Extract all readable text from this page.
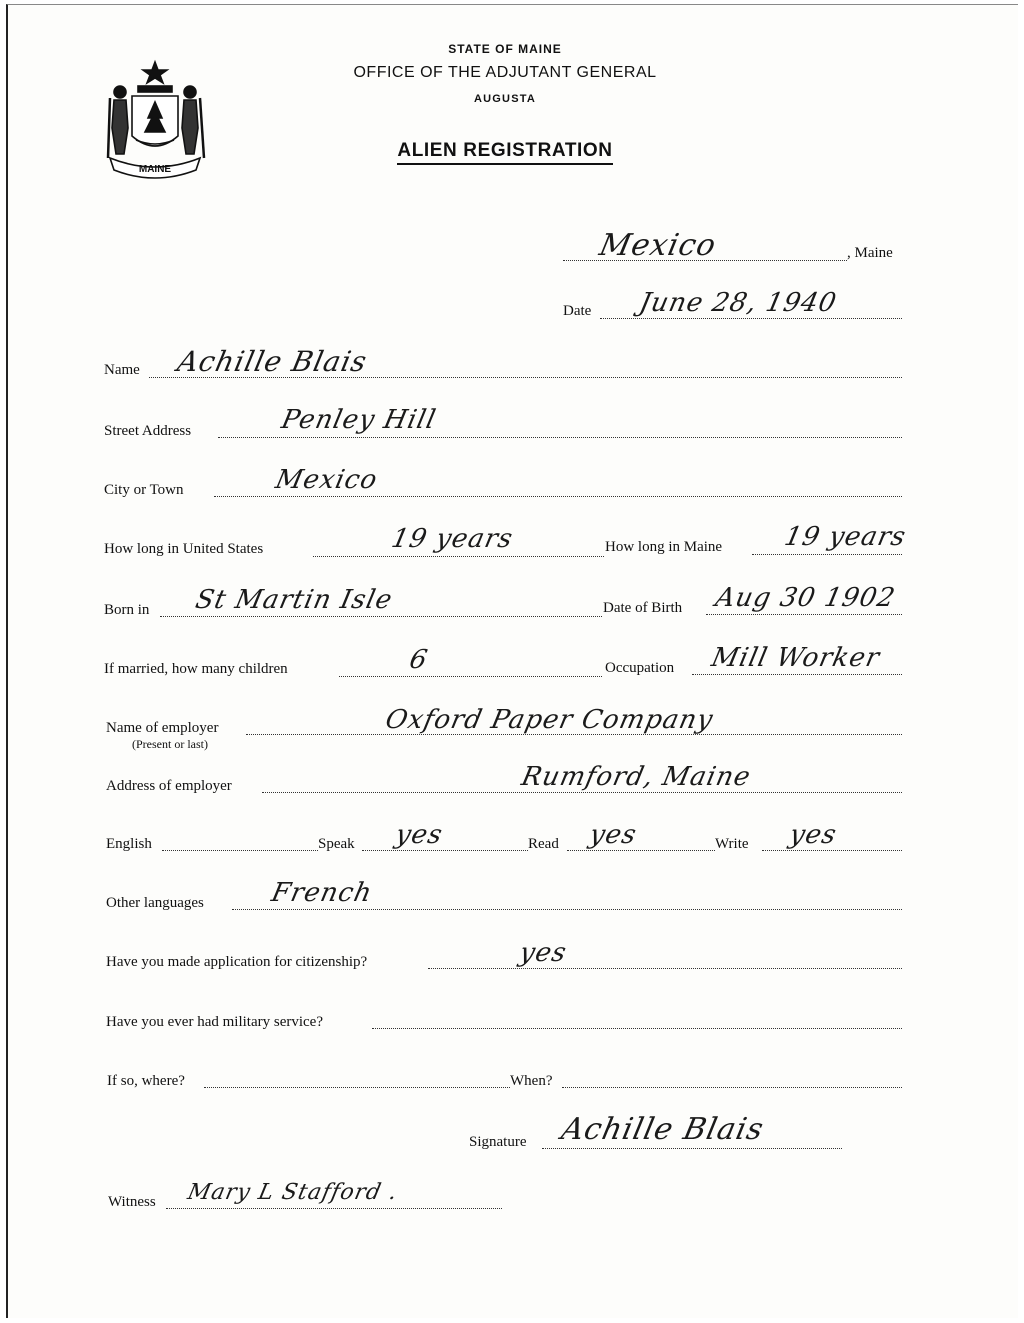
MAINE
STATE OF MAINE
OFFICE OF THE ADJUTANT GENERAL
AUGUSTA
ALIEN REGISTRATION
Mexico	, Maine
Date June 28, 1940
Name Achille Blais
Street Address	Penley Hill
City or Town	Mexico
How long in United States	19 years	How long in Maine 19 years
Born in St Martin Isle	Date of Birth Aug 30 1902
If married, how many children	6	Occupation Mill Worker
Name of employer
(Present or last)
Oxford Paper Company
Address of employer	Rumford, Maine
English	Speak yes	Read yes	Write yes
Other languages French
Have you made application for citizenship?	yes
Have you ever had military service?
If so, where?	When?
Signature Achille Blais
Witness Mary L Stafford .
